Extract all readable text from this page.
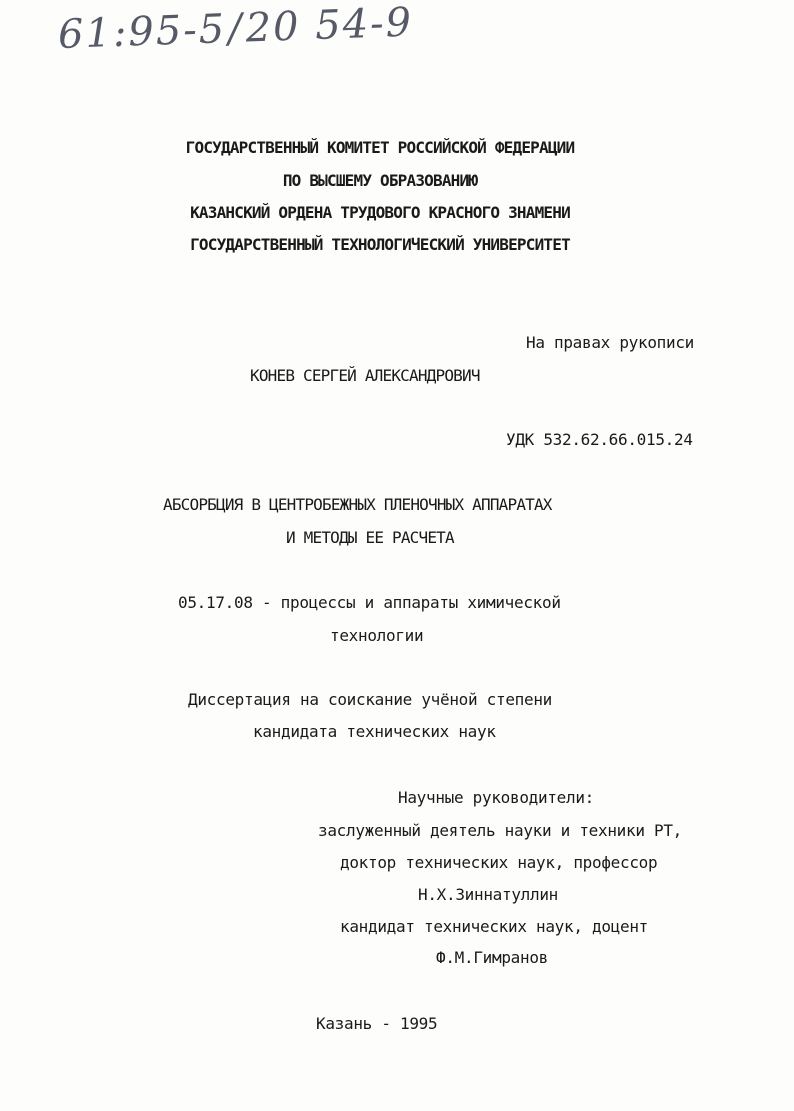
61:95-5/20 54-9
ГОСУДАРСТВЕННЫЙ КОМИТЕТ РОССИЙСКОЙ ФЕДЕРАЦИИ
ПО ВЫСШЕМУ ОБРАЗОВАНИЮ
КАЗАНСКИЙ ОРДЕНА ТРУДОВОГО КРАСНОГО ЗНАМЕНИ
ГОСУДАРСТВЕННЫЙ ТЕХНОЛОГИЧЕСКИЙ УНИВЕРСИТЕТ
На правах рукописи
КОНЕВ СЕРГЕЙ АЛЕКСАНДРОВИЧ
УДК 532.62.66.015.24
АБСОРБЦИЯ В ЦЕНТРОБЕЖНЫХ ПЛЕНОЧНЫХ АППАРАТАХ
И МЕТОДЫ ЕЕ РАСЧЕТА
05.17.08 - процессы и аппараты химической
технологии
Диссертация на соискание учёной степени
кандидата технических наук
Научные руководители:
заслуженный деятель науки и техники РТ,
доктор технических наук, профессор
Н.Х.Зиннатуллин
кандидат технических наук, доцент
Ф.М.Гимранов
Казань - 1995
